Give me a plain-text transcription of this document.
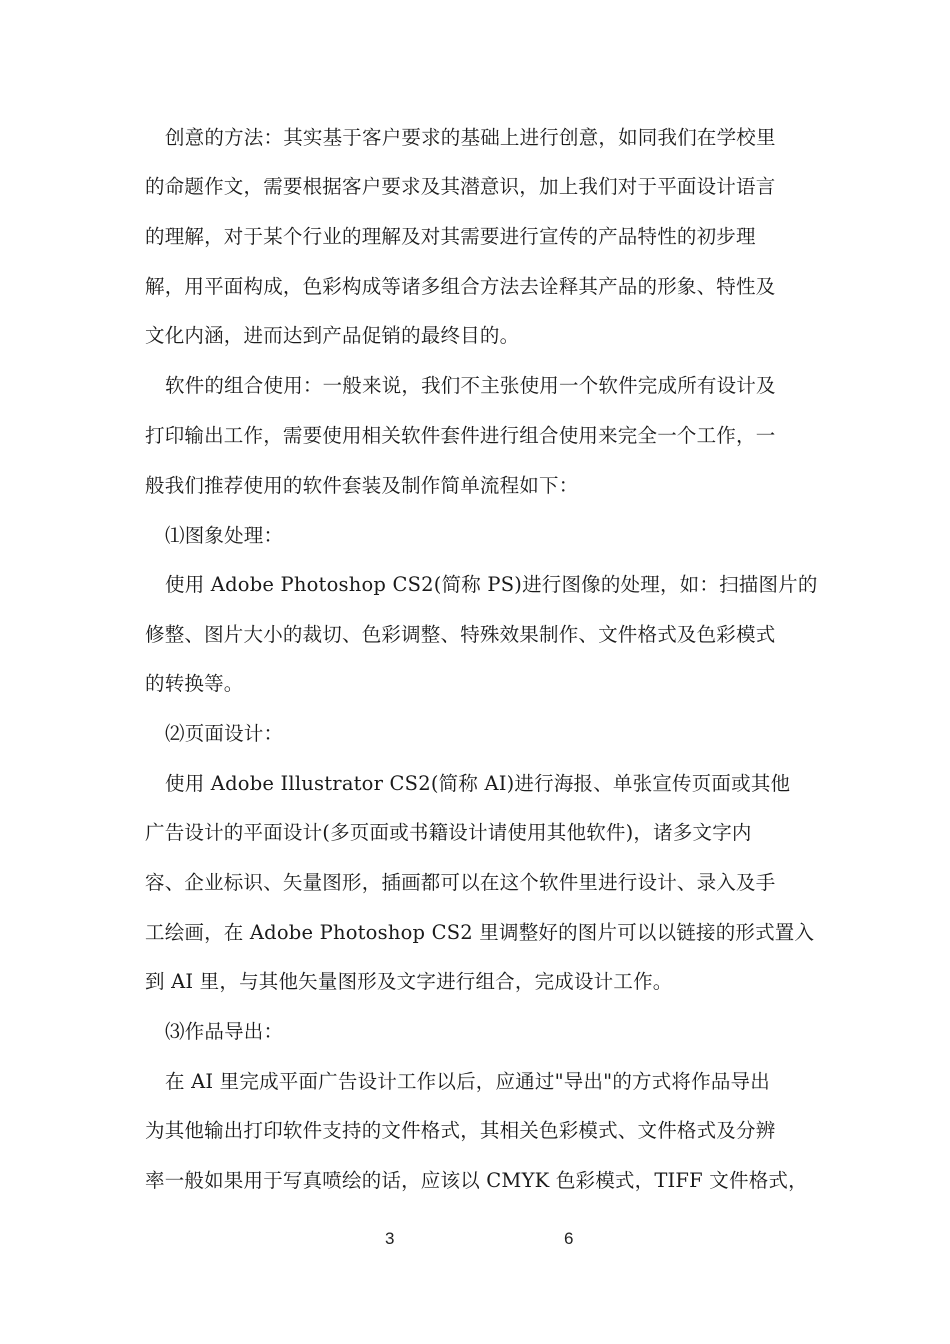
创意的方法：其实基于客户要求的基础上进行创意，如同我们在学校里
的命题作文，需要根据客户要求及其潜意识，加上我们对于平面设计语言
的理解，对于某个行业的理解及对其需要进行宣传的产品特性的初步理
解，用平面构成，色彩构成等诸多组合方法去诠释其产品的形象、特性及
文化内涵，进而达到产品促销的最终目的。
软件的组合使用：一般来说，我们不主张使用一个软件完成所有设计及
打印输出工作，需要使用相关软件套件进行组合使用来完全一个工作，一
般我们推荐使用的软件套装及制作简单流程如下：
⑴图象处理：
使用 Adobe Photoshop CS2(简称 PS)进行图像的处理，如：扫描图片的
修整、图片大小的裁切、色彩调整、特殊效果制作、文件格式及色彩模式
的转换等。
⑵页面设计：
使用 Adobe Illustrator CS2(简称 AI)进行海报、单张宣传页面或其他
广告设计的平面设计(多页面或书籍设计请使用其他软件)，诸多文字内
容、企业标识、矢量图形，插画都可以在这个软件里进行设计、录入及手
工绘画，在 Adobe Photoshop CS2 里调整好的图片可以以链接的形式置入
到 AI 里，与其他矢量图形及文字进行组合，完成设计工作。
⑶作品导出：
在 AI 里完成平面广告设计工作以后，应通过"导出"的方式将作品导出
为其他输出打印软件支持的文件格式，其相关色彩模式、文件格式及分辨
率一般如果用于写真喷绘的话，应该以 CMYK 色彩模式，TIFF 文件格式，
3	6
